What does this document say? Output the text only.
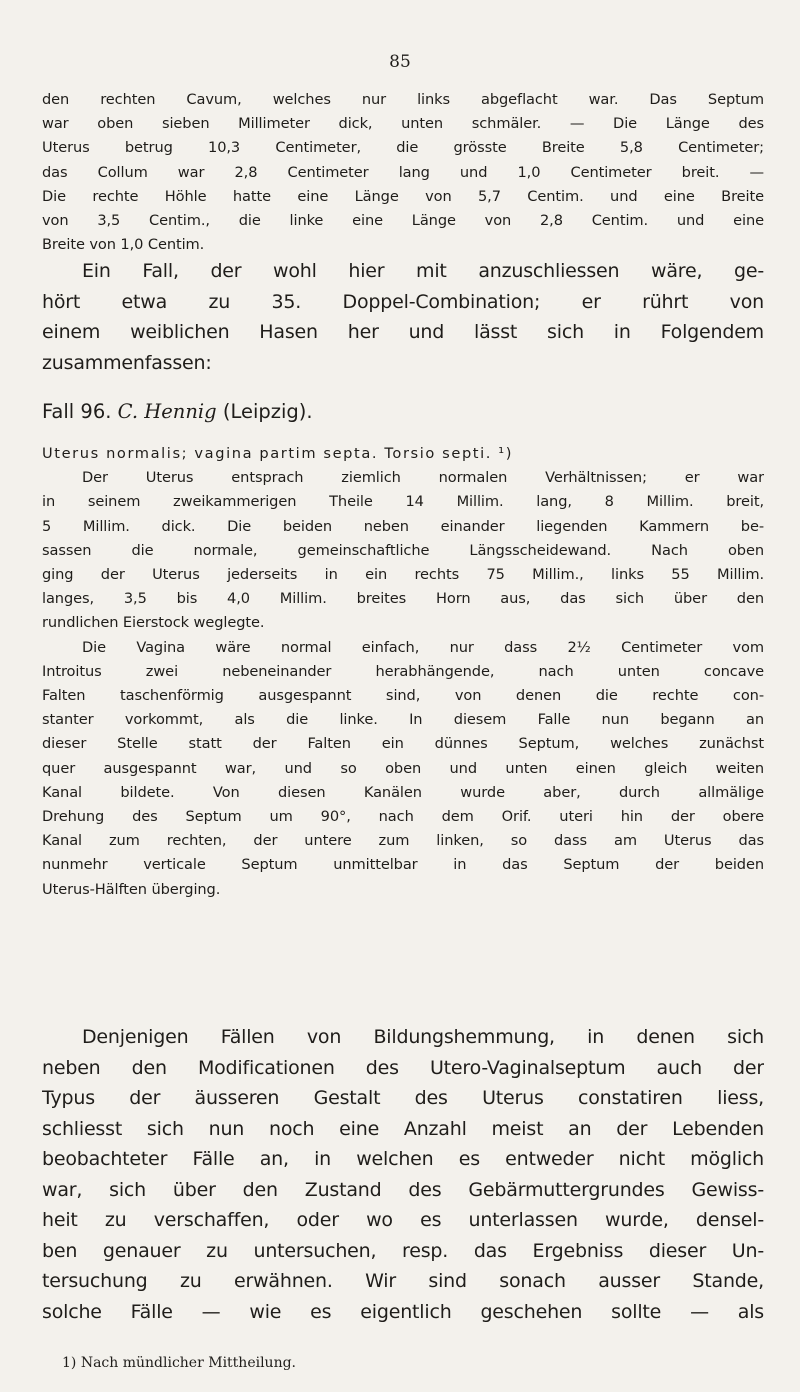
85
den rechten Cavum, welches nur links abgeflacht war. Das Septum
war oben sieben Millimeter dick, unten schmäler. — Die Länge des
Uterus betrug 10,3 Centimeter, die grösste Breite 5,8 Centimeter;
das Collum war 2,8 Centimeter lang und 1,0 Centimeter breit. —
Die rechte Höhle hatte eine Länge von 5,7 Centim. und eine Breite
von 3,5 Centim., die linke eine Länge von 2,8 Centim. und eine
Breite von 1,0 Centim.
Ein Fall, der wohl hier mit anzuschliessen wäre, ge-
hört etwa zu 35. Doppel-Combination; er rührt von
einem weiblichen Hasen her und lässt sich in Folgendem
zusammenfassen:
Fall 96. C. Hennig (Leipzig).
Uterus normalis; vagina partim septa. Torsio septi. ¹)
Der Uterus entsprach ziemlich normalen Verhältnissen; er war
in seinem zweikammerigen Theile 14 Millim. lang, 8 Millim. breit,
5 Millim. dick. Die beiden neben einander liegenden Kammern be-
sassen die normale, gemeinschaftliche Längsscheidewand. Nach oben
ging der Uterus jederseits in ein rechts 75 Millim., links 55 Millim.
langes, 3,5 bis 4,0 Millim. breites Horn aus, das sich über den
rundlichen Eierstock weglegte.
Die Vagina wäre normal einfach, nur dass 2½ Centimeter vom
Introitus zwei nebeneinander herabhängende, nach unten concave
Falten taschenförmig ausgespannt sind, von denen die rechte con-
stanter vorkommt, als die linke. In diesem Falle nun begann an
dieser Stelle statt der Falten ein dünnes Septum, welches zunächst
quer ausgespannt war, und so oben und unten einen gleich weiten
Kanal bildete. Von diesen Kanälen wurde aber, durch allmälige
Drehung des Septum um 90°, nach dem Orif. uteri hin der obere
Kanal zum rechten, der untere zum linken, so dass am Uterus das
nunmehr verticale Septum unmittelbar in das Septum der beiden
Uterus-Hälften überging.
Denjenigen Fällen von Bildungshemmung, in denen sich
neben den Modificationen des Utero-Vaginalseptum auch der
Typus der äusseren Gestalt des Uterus constatiren liess,
schliesst sich nun noch eine Anzahl meist an der Lebenden
beobachteter Fälle an, in welchen es entweder nicht möglich
war, sich über den Zustand des Gebärmuttergrundes Gewiss-
heit zu verschaffen, oder wo es unterlassen wurde, densel-
ben genauer zu untersuchen, resp. das Ergebniss dieser Un-
tersuchung zu erwähnen. Wir sind sonach ausser Stande,
solche Fälle — wie es eigentlich geschehen sollte — als
1) Nach mündlicher Mittheilung.
